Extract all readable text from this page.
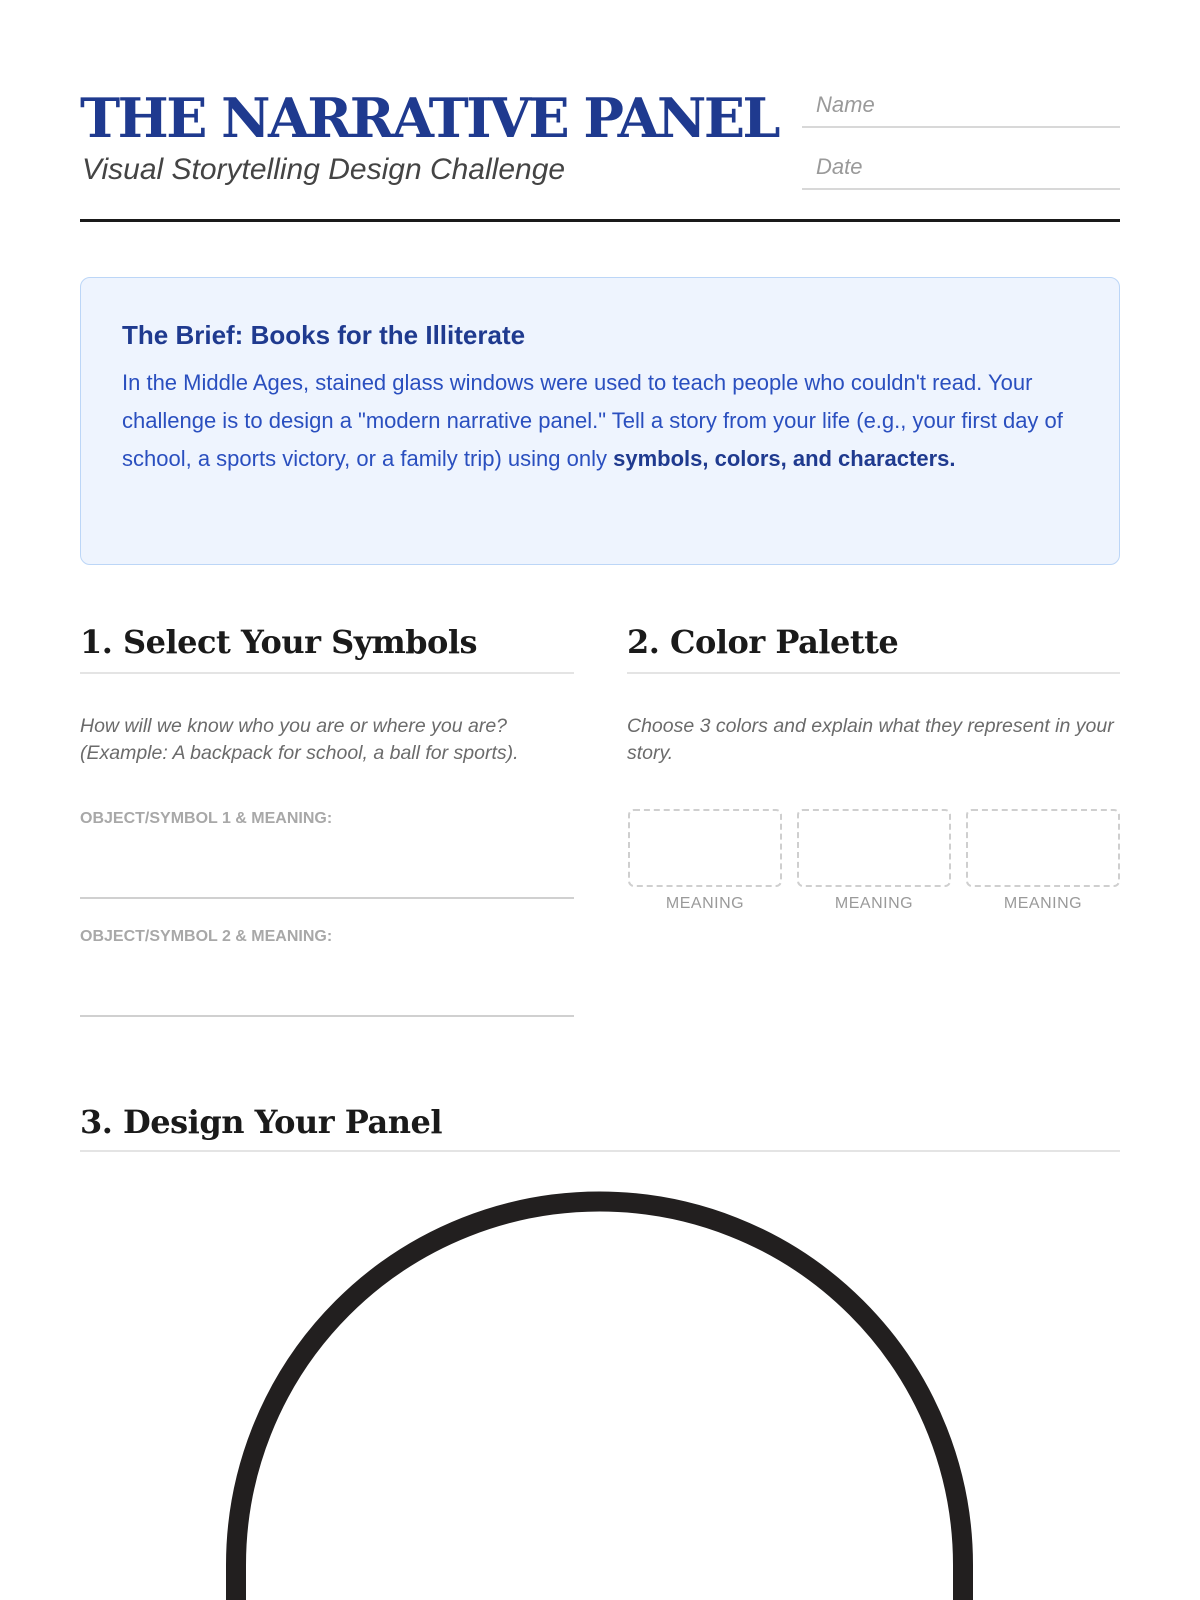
THE NARRATIVE PANEL
Visual Storytelling Design Challenge
Name
Date
The Brief: Books for the Illiterate

In the Middle Ages, stained glass windows were used to teach people who couldn't read. Your challenge is to design a "modern narrative panel." Tell a story from your life (e.g., your first day of school, a sports victory, or a family trip) using only symbols, colors, and characters.

1. Select Your Symbols

How will we know who you are or where you are? (Example: A backpack for school, a ball for sports).

OBJECT/SYMBOL 1 & MEANING:
OBJECT/SYMBOL 2 & MEANING:
2. Color Palette

Choose 3 colors and explain what they represent in your story.

MEANING	MEANING	MEANING
3. Design Your Panel
